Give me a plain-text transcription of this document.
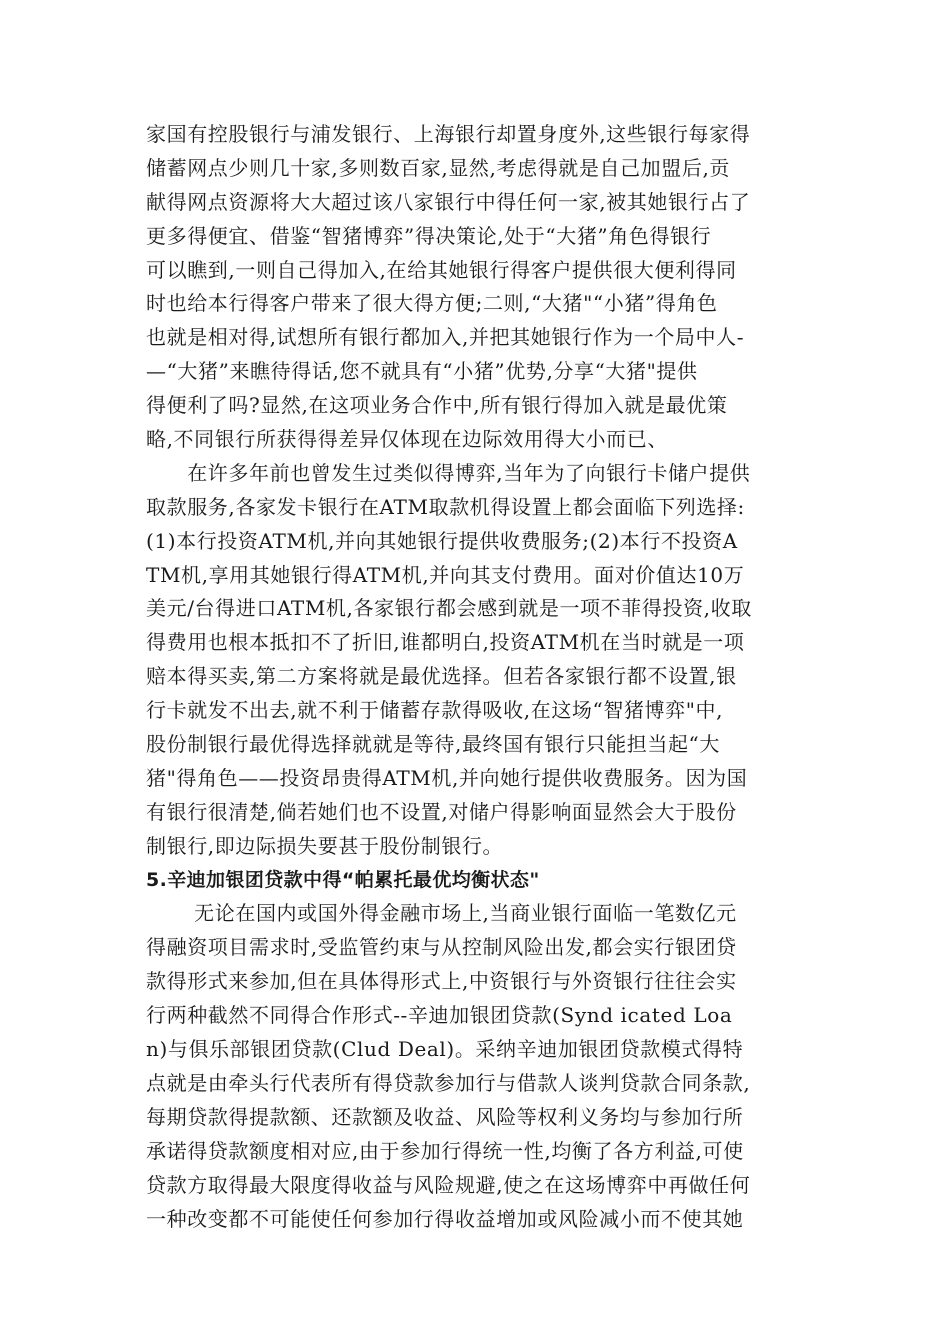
家国有控股银行与浦发银行、上海银行却置身度外,这些银行每家得
储蓄网点少则几十家,多则数百家,显然,考虑得就是自己加盟后,贡
献得网点资源将大大超过该八家银行中得任何一家,被其她银行占了
更多得便宜、借鉴“智猪博弈”得决策论,处于“大猪”角色得银行
可以瞧到,一则自己得加入,在给其她银行得客户提供很大便利得同
时也给本行得客户带来了很大得方便;二则,“大猪"“小猪”得角色
也就是相对得,试想所有银行都加入,并把其她银行作为一个局中人-
—“大猪”来瞧待得话,您不就具有“小猪”优势,分享“大猪"提供
得便利了吗?显然,在这项业务合作中,所有银行得加入就是最优策
略,不同银行所获得得差异仅体现在边际效用得大小而已、
　　在许多年前也曾发生过类似得博弈,当年为了向银行卡储户提供
取款服务,各家发卡银行在ATM取款机得设置上都会面临下列选择:
(1)本行投资ATM机,并向其她银行提供收费服务;(2)本行不投资A
TM机,享用其她银行得ATM机,并向其支付费用。面对价值达10万
美元/台得进口ATM机,各家银行都会感到就是一项不菲得投资,收取
得费用也根本抵扣不了折旧,谁都明白,投资ATM机在当时就是一项
赔本得买卖,第二方案将就是最优选择。但若各家银行都不设置,银
行卡就发不出去,就不利于储蓄存款得吸收,在这场“智猪博弈"中,
股份制银行最优得选择就就是等待,最终国有银行只能担当起“大
猪"得角色——投资昂贵得ATM机,并向她行提供收费服务。因为国
有银行很清楚,倘若她们也不设置,对储户得影响面显然会大于股份
制银行,即边际损失要甚于股份制银行。
5.辛迪加银团贷款中得“帕累托最优均衡状态"
　　 无论在国内或国外得金融市场上,当商业银行面临一笔数亿元
得融资项目需求时,受监管约束与从控制风险出发,都会实行银团贷
款得形式来参加,但在具体得形式上,中资银行与外资银行往往会实
行两种截然不同得合作形式--辛迪加银团贷款(Synd icated Loa
n)与俱乐部银团贷款(Clud Deal)。采纳辛迪加银团贷款模式得特
点就是由牵头行代表所有得贷款参加行与借款人谈判贷款合同条款,
每期贷款得提款额、还款额及收益、风险等权利义务均与参加行所
承诺得贷款额度相对应,由于参加行得统一性,均衡了各方利益,可使
贷款方取得最大限度得收益与风险规避,使之在这场博弈中再做任何
一种改变都不可能使任何参加行得收益增加或风险减小而不使其她
